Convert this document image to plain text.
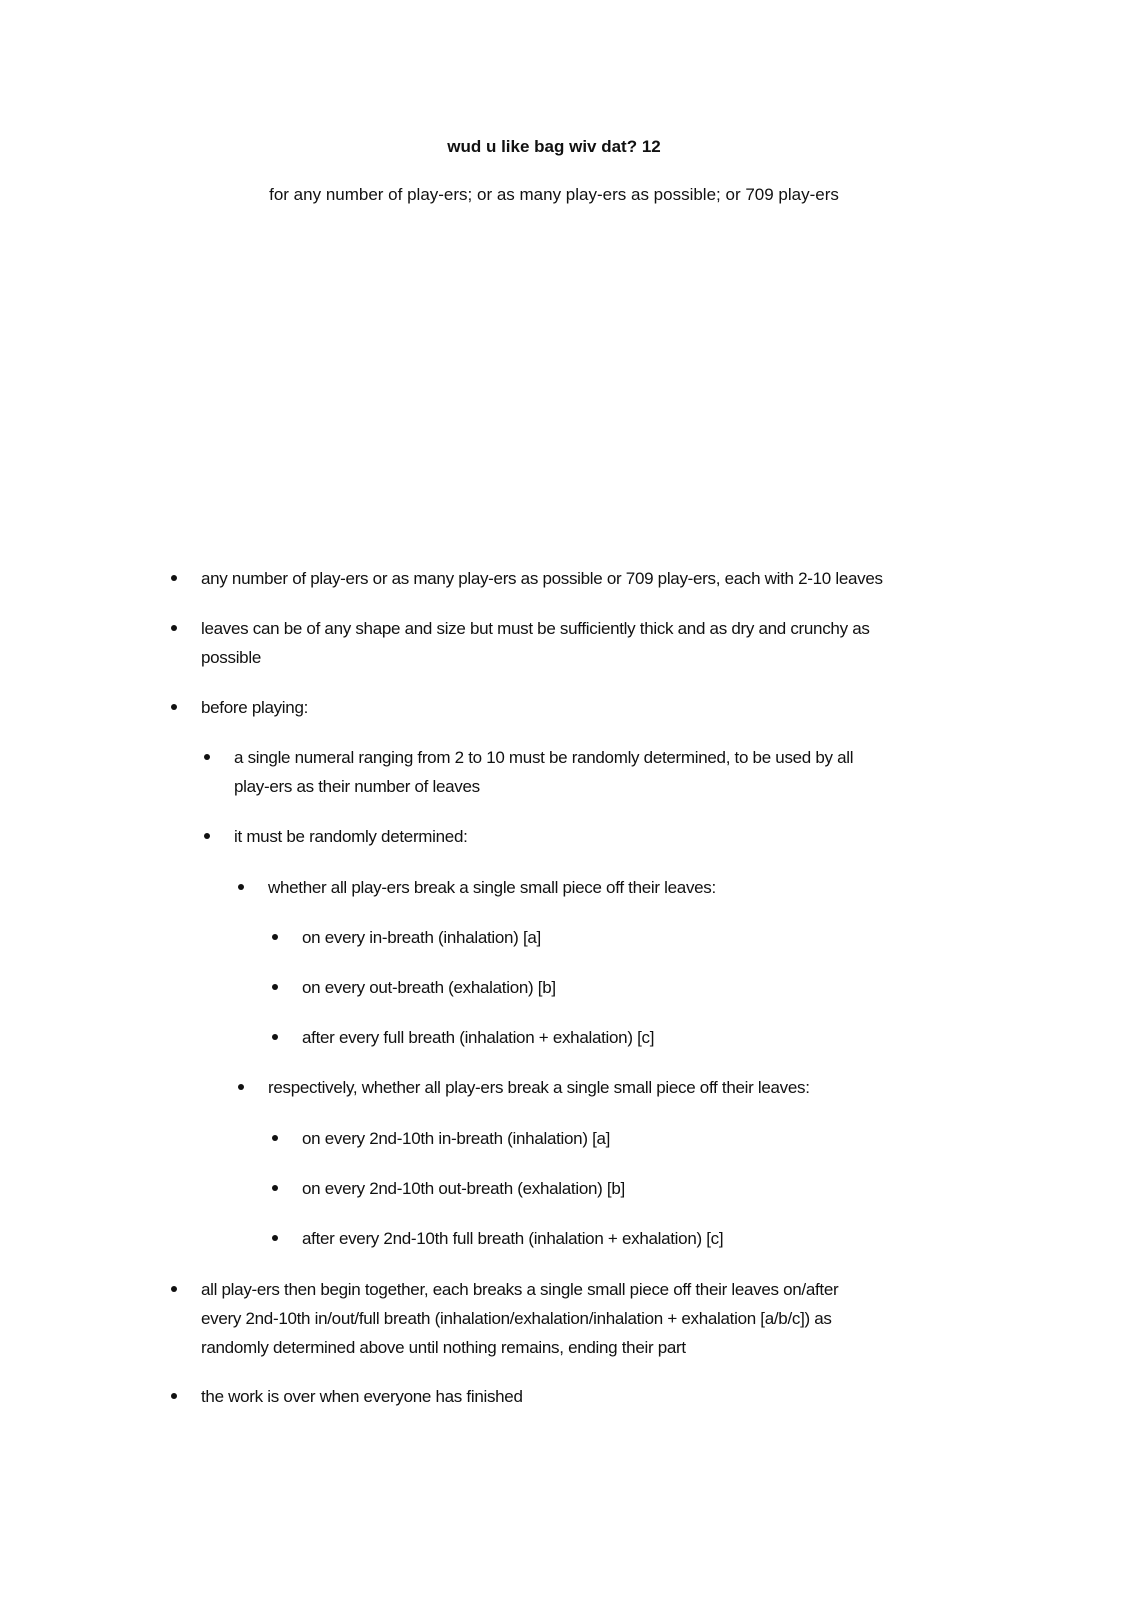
wud u like bag wiv dat? 12
for any number of play-ers; or as many play-ers as possible; or 709 play-ers
any number of play-ers or as many play-ers as possible or 709 play-ers, each with 2-10 leaves
leaves can be of any shape and size but must be sufficiently thick and as dry and crunchy as
possible
before playing:
a single numeral ranging from 2 to 10 must be randomly determined, to be used by all
play-ers as their number of leaves
it must be randomly determined:
whether all play-ers break a single small piece off their leaves:
on every in-breath (inhalation) [a]
on every out-breath (exhalation) [b]
after every full breath (inhalation + exhalation) [c]
respectively, whether all play-ers break a single small piece off their leaves:
on every 2nd-10th in-breath (inhalation) [a]
on every 2nd-10th out-breath (exhalation) [b]
after every 2nd-10th full breath (inhalation + exhalation) [c]
all play-ers then begin together, each breaks a single small piece off their leaves on/after
every 2nd-10th in/out/full breath (inhalation/exhalation/inhalation + exhalation [a/b/c]) as
randomly determined above until nothing remains, ending their part
the work is over when everyone has finished
